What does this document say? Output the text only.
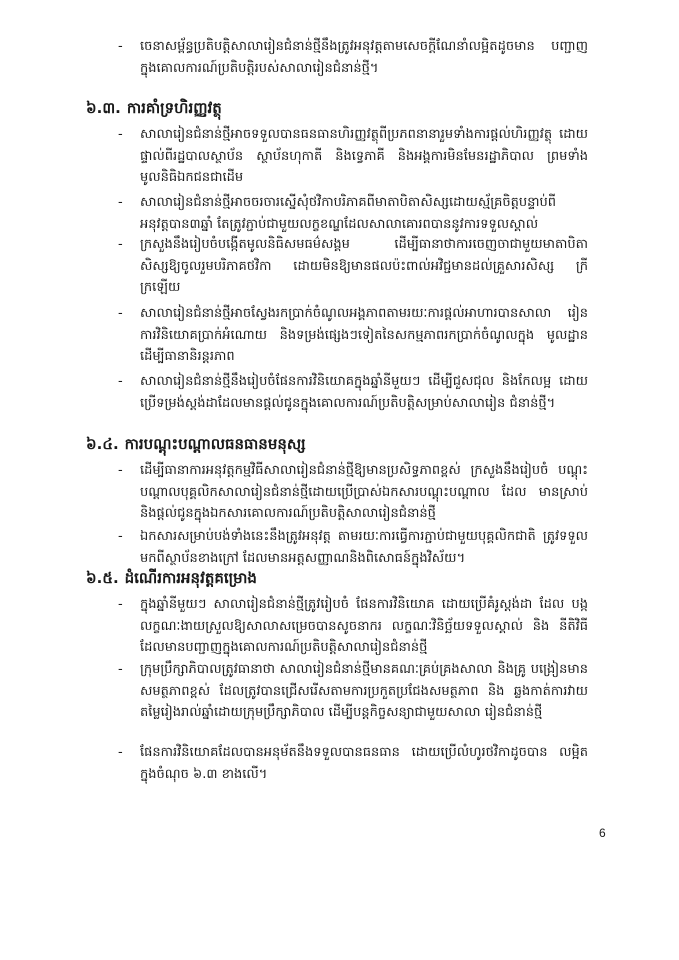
- ចេនាសម្ព័ន្ធប្រតិបត្តិសាលារៀនជំនាន់ថ្មីនឹងត្រូវអនុវត្តតាមសេចក្តីណែនាំលម្អិតដូចមាន បញ្ជាញក្នុងគោលការណ៍ប្រតិបត្តិរបស់សាលារៀនជំនាន់ថ្មី។
៦.៣. ការគាំទ្រហិរញ្ញវត្ថុ
- សាលារៀនជំនាន់ថ្មីអាចទទួលបានធនធានហិរញ្ញវត្ថុពីប្រភពនានារួមទាំងការផ្តល់ហិរញ្ញវត្ថុ ដោយផ្ទាល់ពីរដ្ឋបាលស្ថាប័ន ស្ថាប័នហុកាតី និងទ្វេភាគី និងអង្គការមិនមែនរដ្ឋាភិបាល ព្រមទាំងមូលនិធិឯកជនជាដើម
- សាលារៀនជំនាន់ថ្មីអាចចរចារស្នើសុំថវិកាបរិភាគពីមាតាបិតាសិស្សដោយស្ម័គ្រចិត្តបន្ទាប់ពី អនុវត្តបាន៣ឆ្នាំ តែត្រូវភ្ជាប់ជាមួយលក្ខខណ្ឌដែលសាលាគោរពបាននូវការទទួលស្គាល់
- ក្រសួងនឹងរៀបចំបង្កើតមូលនិធិសមធម៌សង្គម ដើម្បីធានាថាការចេញចាជាមួយមាតាបិតា សិស្សឱ្យចូលរួមបរិភាគថវិកា ដោយមិនឱ្យមានផលប៉ះពាល់អវិជ្ជមានដល់គ្រួសារសិស្ស ក្រីក្រឡើយ
- សាលារៀនជំនាន់ថ្មីអាចស្វែងរកប្រាក់ចំណូលអង្គភាពតាមរយៈការផ្តល់អាហារបានសាលា រៀន ការវិនិយោគប្រាក់អំណោយ និងទម្រង់ផ្សេងៗទៀតនៃសកម្មភាពរកប្រាក់ចំណូលក្នុង មូលដ្ឋាន ដើម្បីធានានិរន្តរភាព
- សាលារៀនជំនាន់ថ្មីនឹងរៀបចំផែនការវិនិយោគក្នុងឆ្នាំនីមួយៗ ដើម្បីជួសជុល និងកែលម្អ ដោយប្រើទម្រង់ស្តង់ដាដែលមានផ្តល់ជូនក្នុងគោលការណ៍ប្រតិបត្តិសម្រាប់សាលារៀន ជំនាន់ថ្មី។
៦.៤. ការបណ្តុះបណ្តាលធនធានមនុស្ស
- ដើម្បីធានាការអនុវត្តកម្មវិធីសាលារៀនជំនាន់ថ្មីឱ្យមានប្រសិទ្ធភាពខ្ពស់ ក្រសួងនឹងរៀបចំ បណ្តុះបណ្តាលបុគ្គលិកសាលារៀនជំនាន់ថ្មីដោយប្រើប្រាស់ឯកសារបណ្តុះបណ្តាល ដែល មានស្រាប់ និងផ្តល់ជូនក្នុងឯកសារគោលការណ៍ប្រតិបត្តិសាលារៀនជំនាន់ថ្មី
- ឯកសារសម្រាប់បង់ទាំងនេះនឹងត្រូវអនុវត្ត តាមរយៈការធ្វើការភ្ជាប់ជាមួយបុគ្គលិកជាតិ ត្រូវទទួលមកពីស្ថាប័នខាងក្រៅ ដែលមានអត្តសញ្ញាណនិងពិសោធន៍ក្នុងវិស័យ។
៦.៥. ដំណើរការអនុវត្តគម្រោង
- ក្នុងឆ្នាំនីមួយៗ សាលារៀនជំនាន់ថ្មីត្រូវរៀបចំ ផែនការវិនិយោគ ដោយប្រើគំរូស្តង់ដា ដែល បង្កលក្ខណៈងាយស្រួលឱ្យសាលាសម្រេចបានសូចនាករ លក្ខណៈវិនិច្ឆ័យទទួលស្គាល់ និង នីតិវិធីដែលមានបញ្ជាញក្នុងគោលការណ៍ប្រតិបត្តិសាលារៀនជំនាន់ថ្មី
- ក្រុមប្រឹក្សាភិបាលត្រូវធានាថា សាលារៀនជំនាន់ថ្មីមានគណៈគ្រប់គ្រងសាលា និងគ្រូ បង្រៀនមានសមត្ថភាពខ្ពស់ ដែលត្រូវបានជ្រើសរើសតាមការប្រកួតប្រជែងសមត្ថភាព និង ឆ្លងកាត់ការវាយតម្លៃរៀងរាល់ឆ្នាំដោយក្រុមប្រឹក្សាភិបាល ដើម្បីបន្តកិច្ចសន្យាជាមួយសាលា រៀនជំនាន់ថ្មី
- ផែនការវិនិយោគដែលបានអនុម័តនឹងទទួលបានធនធាន ដោយប្រើលំហូរថវិកាដូចបាន លម្អិតក្នុងចំណុច ៦.៣ ខាងលើ។
6
